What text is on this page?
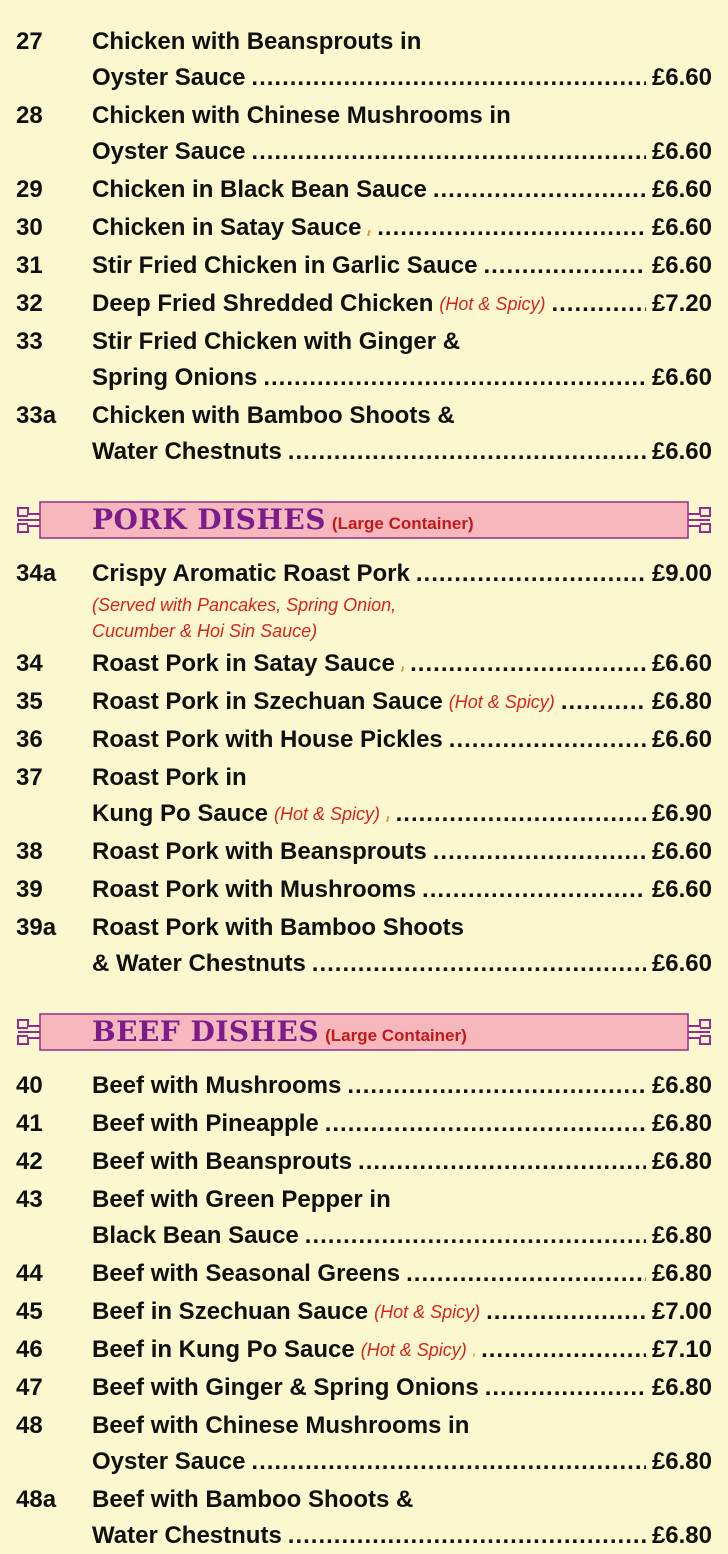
27	Chicken with Beansprouts in
Oyster Sauce .....	£6.60
28	Chicken with Chinese Mushrooms in
Oyster Sauce .....	£6.60
29	Chicken in Black Bean Sauce .....	£6.60
30	Chicken in Satay Sauce .....	£6.60
31	Stir Fried Chicken in Garlic Sauce .....	£6.60
32	Deep Fried Shredded Chicken (Hot & Spicy) .....	£7.20
33	Stir Fried Chicken with Ginger &
Spring Onions .....	£6.60
33a	Chicken with Bamboo Shoots &
Water Chestnuts .....	£6.60
PORK DISHES (Large Container)
34a	Crispy Aromatic Roast Pork .....	£9.00
(Served with Pancakes, Spring Onion,
Cucumber & Hoi Sin Sauce)
34	Roast Pork in Satay Sauce .....	£6.60
35	Roast Pork in Szechuan Sauce (Hot & Spicy) .....	£6.80
36	Roast Pork with House Pickles .....	£6.60
37	Roast Pork in
Kung Po Sauce (Hot & Spicy) .....	£6.90
38	Roast Pork with Beansprouts .....	£6.60
39	Roast Pork with Mushrooms .....	£6.60
39a	Roast Pork with Bamboo Shoots
& Water Chestnuts .....	£6.60
BEEF DISHES (Large Container)
40	Beef with Mushrooms .....	£6.80
41	Beef with Pineapple .....	£6.80
42	Beef with Beansprouts .....	£6.80
43	Beef with Green Pepper in
Black Bean Sauce .....	£6.80
44	Beef with Seasonal Greens .....	£6.80
45	Beef in Szechuan Sauce (Hot & Spicy) .....	£7.00
46	Beef in Kung Po Sauce (Hot & Spicy) .....	£7.10
47	Beef with Ginger & Spring Onions .....	£6.80
48	Beef with Chinese Mushrooms in
Oyster Sauce .....	£6.80
48a	Beef with Bamboo Shoots &
Water Chestnuts .....	£6.80
